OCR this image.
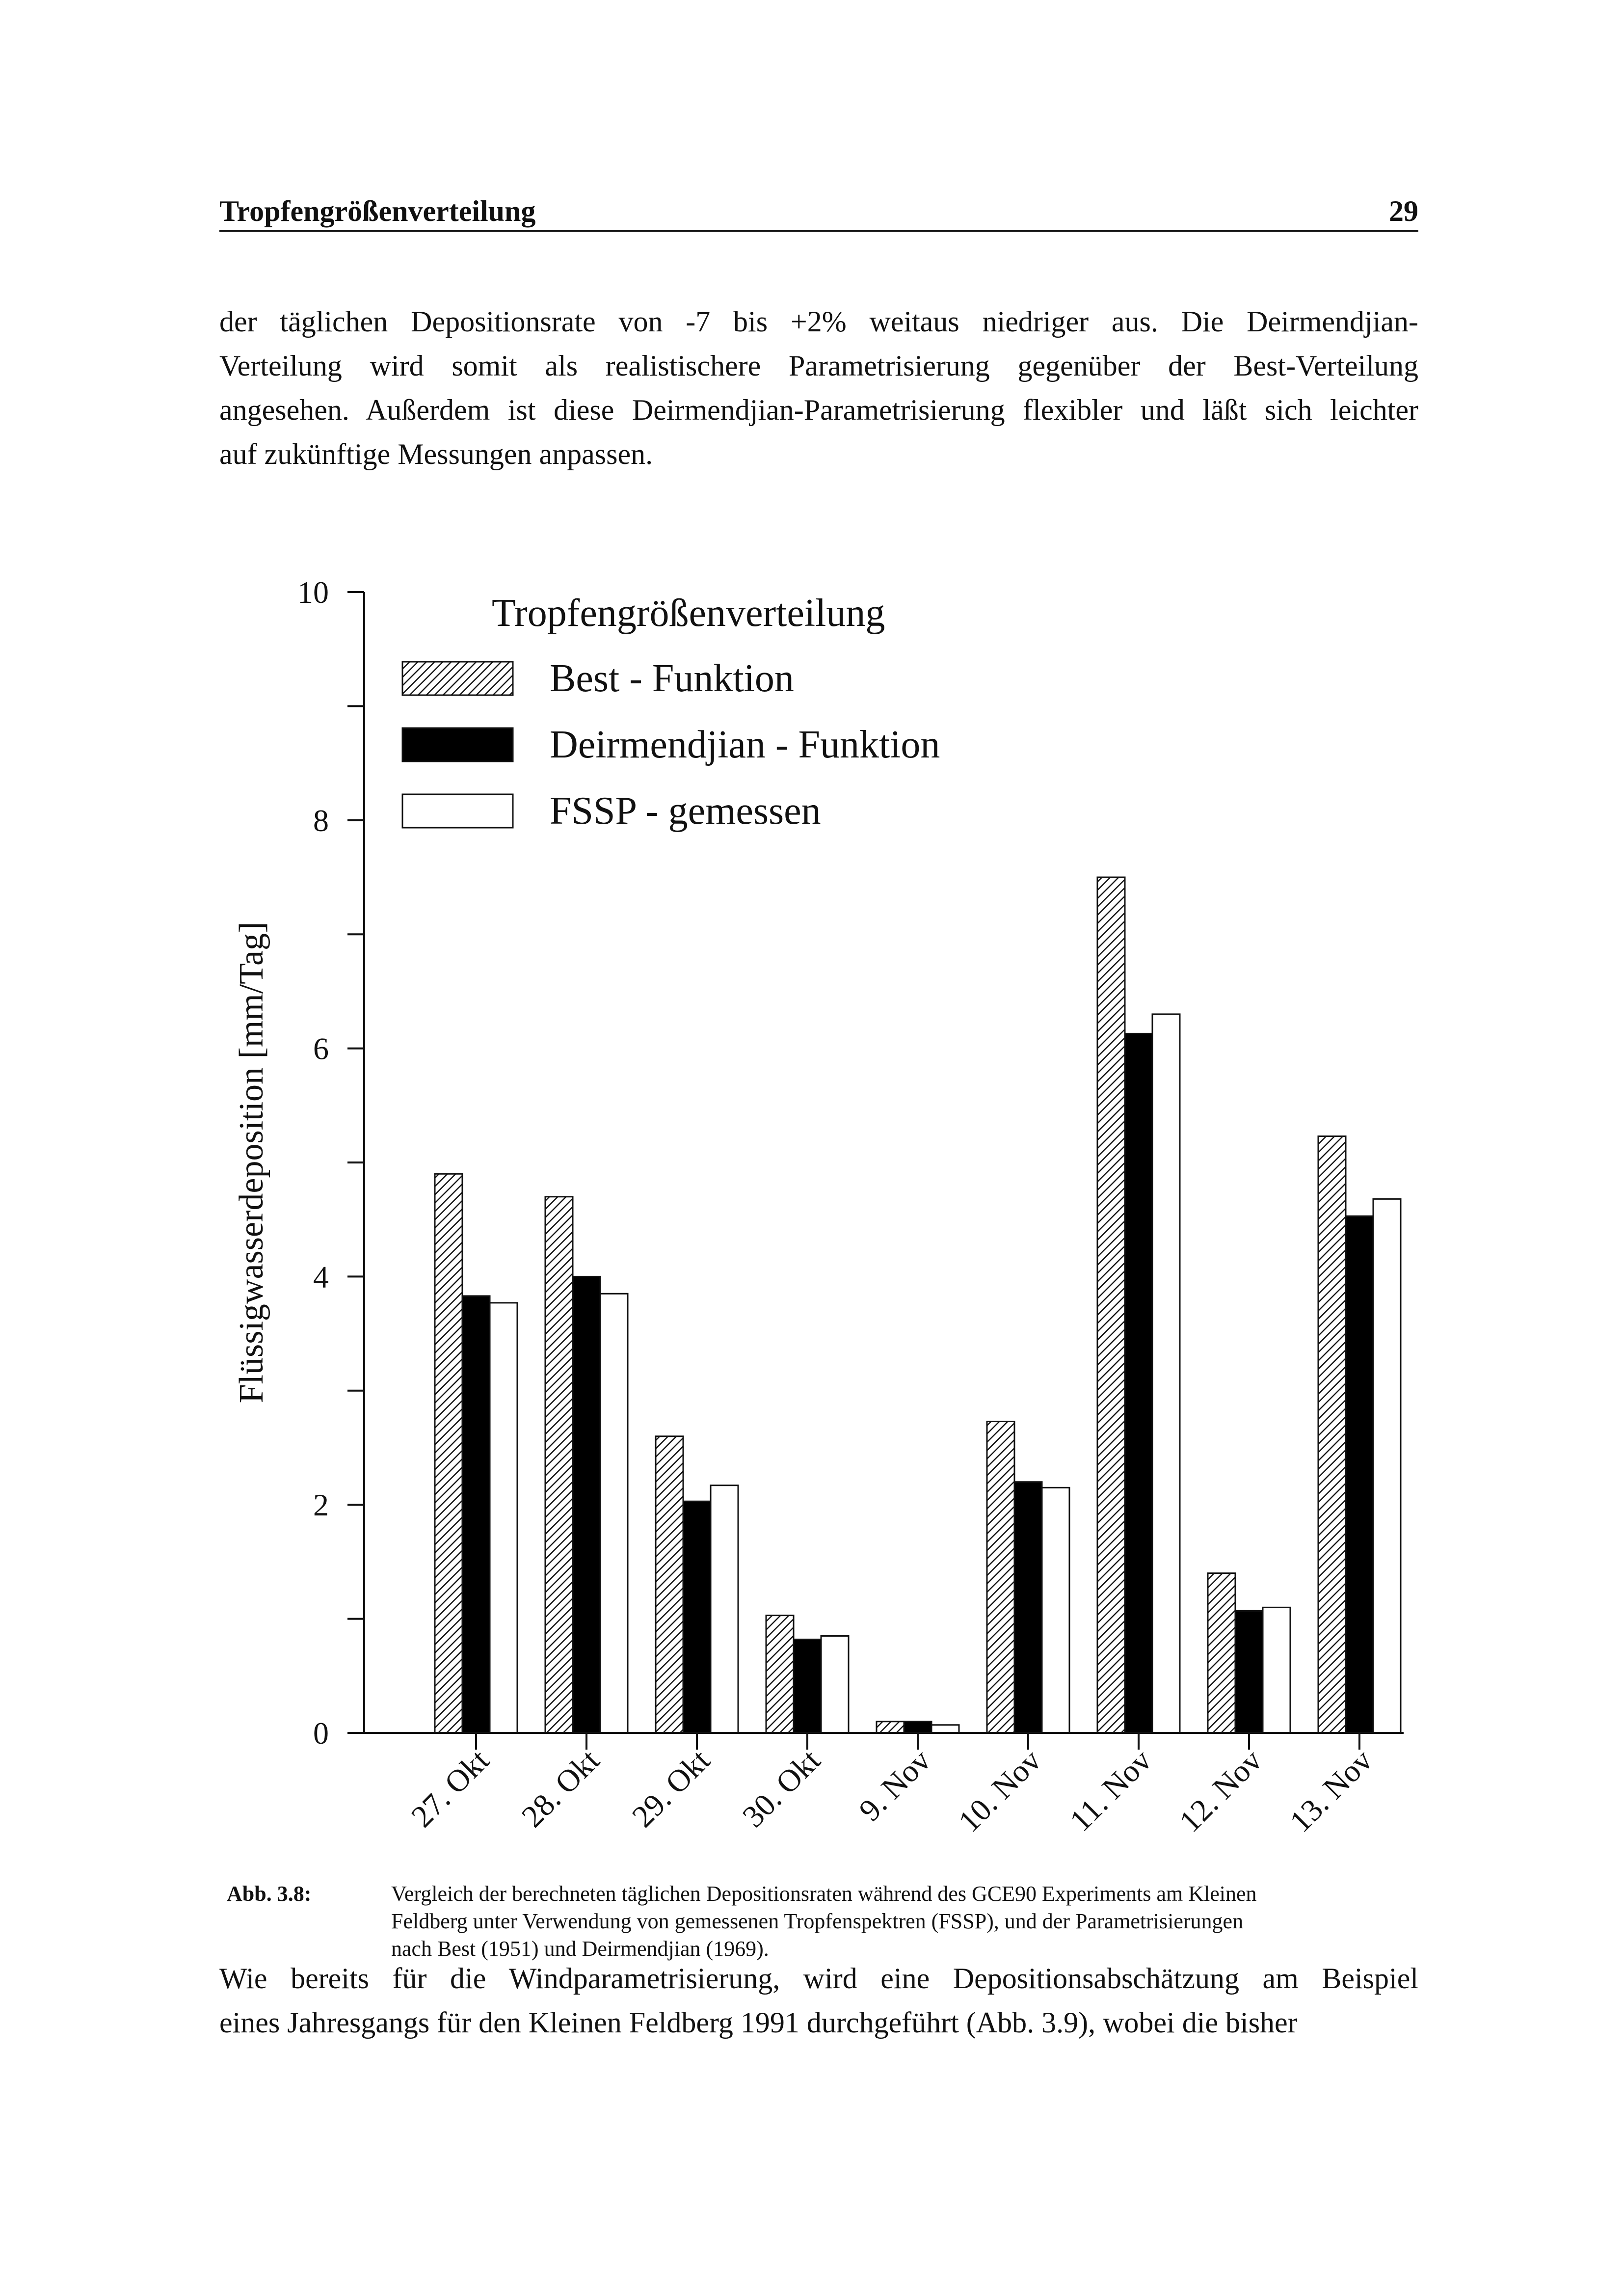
Tropfengrößenverteilung	29
der täglichen Depositionsrate von -7 bis +2% weitaus niedriger aus. Die Deirmendjian-
Verteilung wird somit als realistischere Parametrisierung gegenüber der Best-Verteilung
angesehen. Außerdem ist diese Deirmendjian-Parametrisierung flexibler und läßt sich leichter
auf zukünftige Messungen anpassen.
0
2
4
6
8
10
Flüssigwasserdeposition [mm/Tag]
27. Okt 28. Okt 29. Okt 30. Okt 9. Nov 10. Nov 11. Nov 12. Nov 13. Nov
Tropfengrößenverteilung
Best - Funktion
Deirmendjian - Funktion
FSSP - gemessen
Abb. 3.8:	Vergleich der berechneten täglichen Depositionsraten während des GCE90 Experiments am Kleinen
Feldberg unter Verwendung von gemessenen Tropfenspektren (FSSP), und der Parametrisierungen
nach Best (1951) und Deirmendjian (1969).
Wie bereits für die Windparametrisierung, wird eine Depositionsabschätzung am Beispiel
eines Jahresgangs für den Kleinen Feldberg 1991 durchgeführt (Abb. 3.9), wobei die bisher
